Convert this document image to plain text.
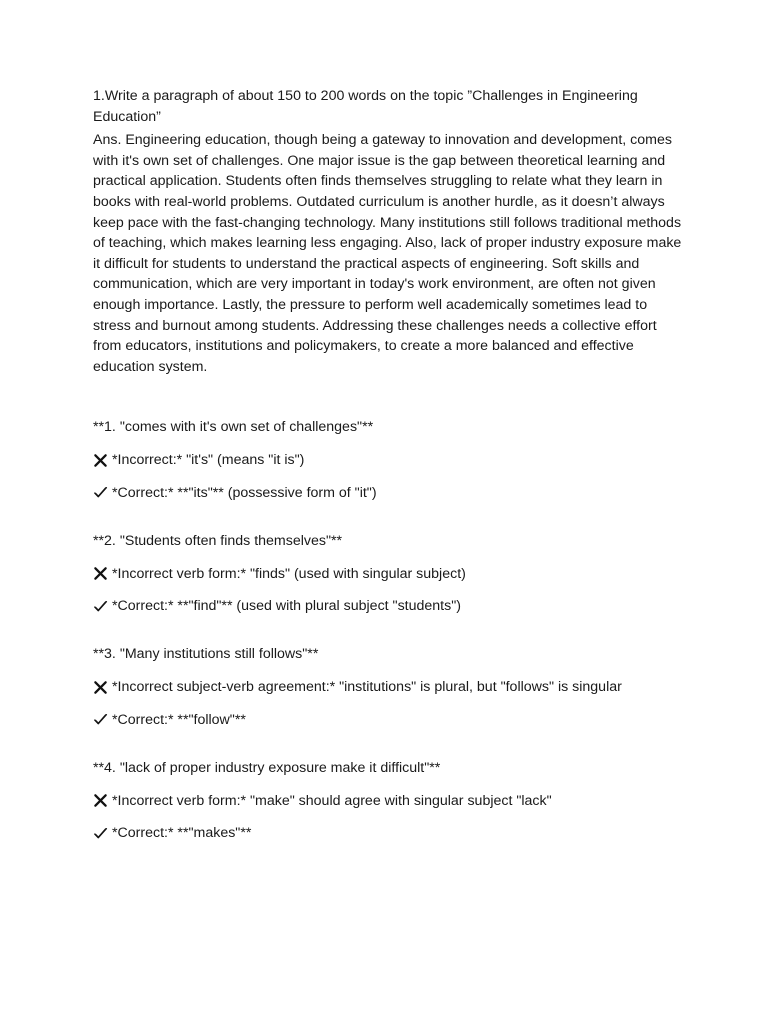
1.Write a paragraph of about 150 to 200 words on the topic ”Challenges in Engineering Education”

Ans. Engineering education, though being a gateway to innovation and development, comes with it's own set of challenges. One major issue is the gap between theoretical learning and practical application. Students often finds themselves struggling to relate what they learn in books with real-world problems. Outdated curriculum is another hurdle, as it doesn’t always keep pace with the fast-changing technology. Many institutions still follows traditional methods of teaching, which makes learning less engaging. Also, lack of proper industry exposure make it difficult for students to understand the practical aspects of engineering. Soft skills and communication, which are very important in today's work environment, are often not given enough importance. Lastly, the pressure to perform well academically sometimes lead to stress and burnout among students. Addressing these challenges needs a collective effort from educators, institutions and policymakers, to create a more balanced and effective education system.

**1. "comes with it's own set of challenges"**
*Incorrect:* "it's" (means "it is")
*Correct:* **"its"** (possessive form of "it")
**2. "Students often finds themselves"**
*Incorrect verb form:* "finds" (used with singular subject)
*Correct:* **"find"** (used with plural subject "students")
**3. "Many institutions still follows"**
*Incorrect subject-verb agreement:* "institutions" is plural, but "follows" is singular
*Correct:* **"follow"**
**4. "lack of proper industry exposure make it difficult"**
*Incorrect verb form:* "make" should agree with singular subject "lack"
*Correct:* **"makes"**
